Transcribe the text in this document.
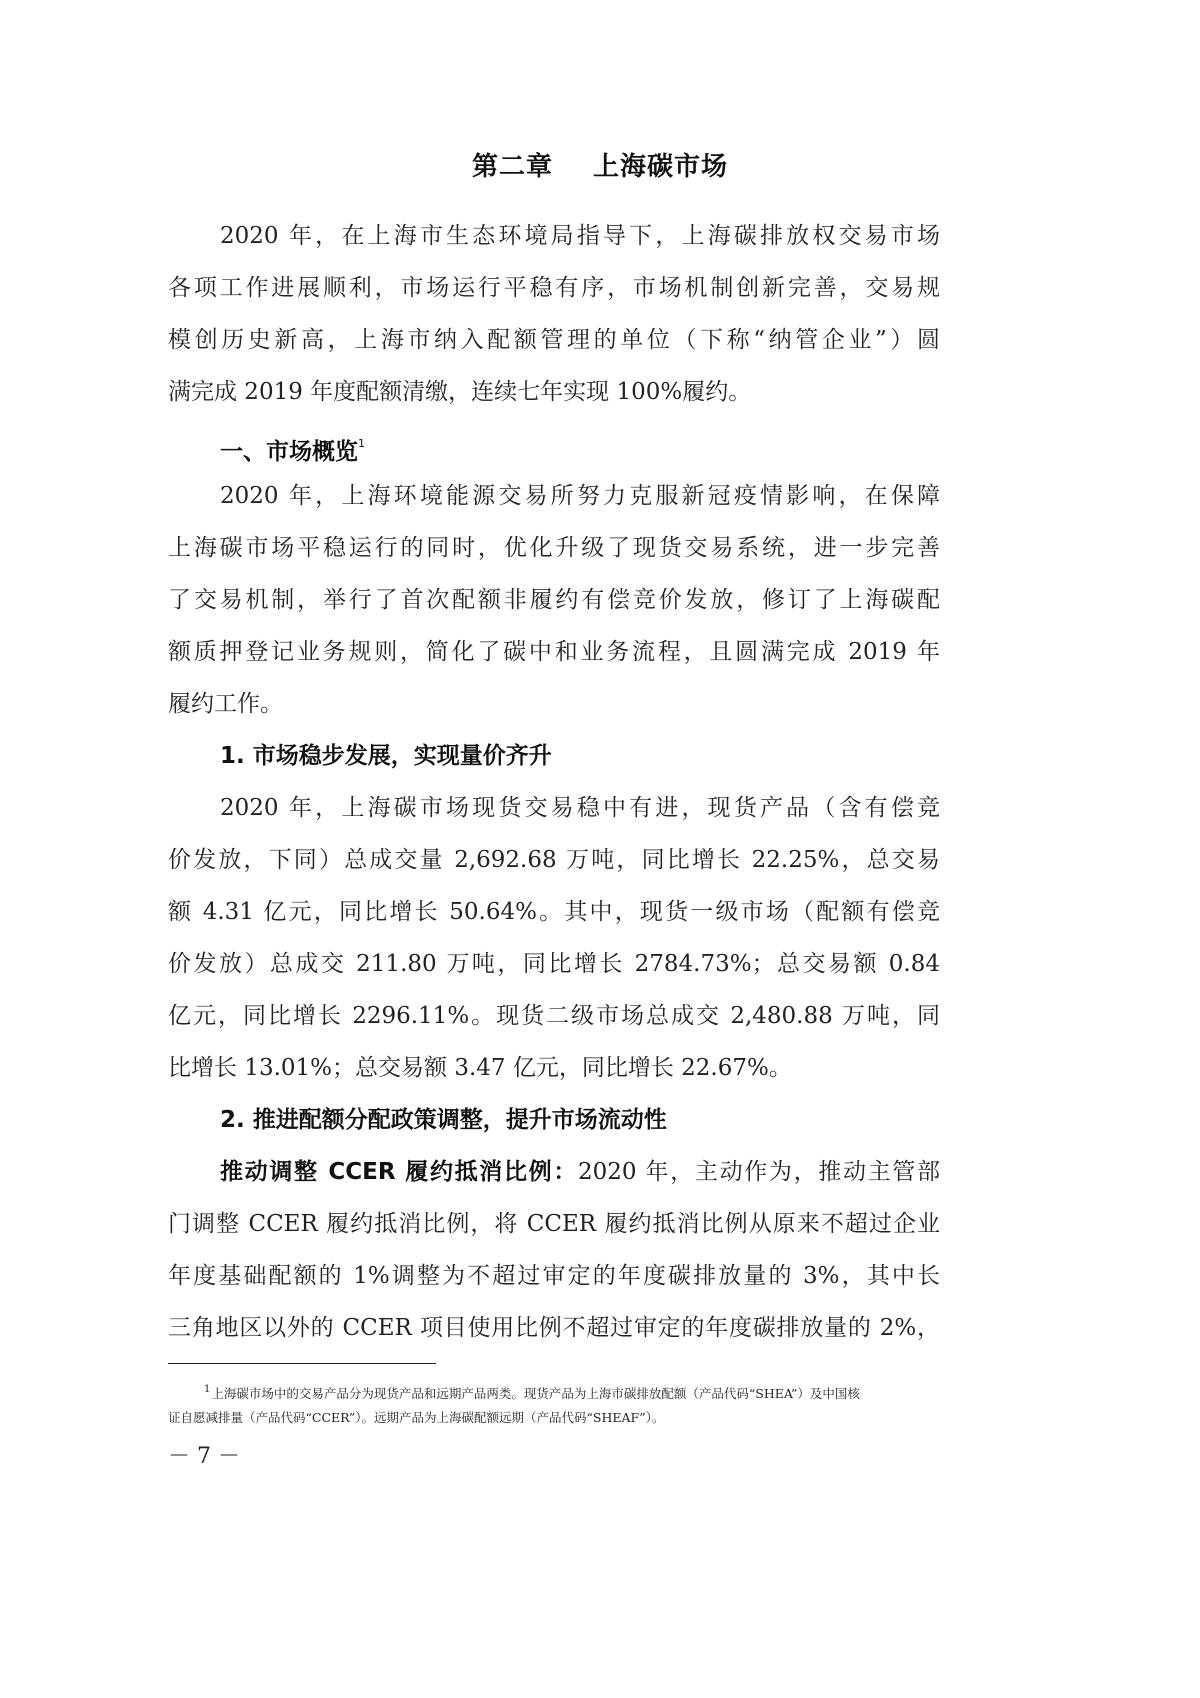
第二章 上海碳市场
2020 年，在上海市生态环境局指导下，上海碳排放权交易市场
各项工作进展顺利，市场运行平稳有序，市场机制创新完善，交易规
模创历史新高，上海市纳入配额管理的单位（下称“纳管企业”）圆
满完成 2019 年度配额清缴，连续七年实现 100%履约。
一、市场概览$^1$
2020 年，上海环境能源交易所努力克服新冠疫情影响，在保障
上海碳市场平稳运行的同时，优化升级了现货交易系统，进一步完善
了交易机制，举行了首次配额非履约有偿竞价发放，修订了上海碳配
额质押登记业务规则，简化了碳中和业务流程，且圆满完成 2019 年
履约工作。
1. 市场稳步发展，实现量价齐升
2020 年，上海碳市场现货交易稳中有进，现货产品（含有偿竞
价发放，下同）总成交量 2,692.68 万吨，同比增长 22.25%，总交易
额 4.31 亿元，同比增长 50.64%。其中，现货一级市场（配额有偿竞
价发放）总成交 211.80 万吨，同比增长 2784.73%；总交易额 0.84
亿元，同比增长 2296.11%。现货二级市场总成交 2,480.88 万吨，同
比增长 13.01%；总交易额 3.47 亿元，同比增长 22.67%。
2. 推进配额分配政策调整，提升市场流动性
推动调整 CCER 履约抵消比例：2020 年，主动作为，推动主管部
门调整 CCER 履约抵消比例，将 CCER 履约抵消比例从原来不超过企业
年度基础配额的 1%调整为不超过审定的年度碳排放量的 3%，其中长
三角地区以外的 CCER 项目使用比例不超过审定的年度碳排放量的 2%，
$^1$上海碳市场中的交易产品分为现货产品和远期产品两类。现货产品为上海市碳排放配额（产品代码“SHEA”）及中国核
证自愿减排量（产品代码“CCER”）。远期产品为上海碳配额远期（产品代码“SHEAF”）。
－ 7 －
